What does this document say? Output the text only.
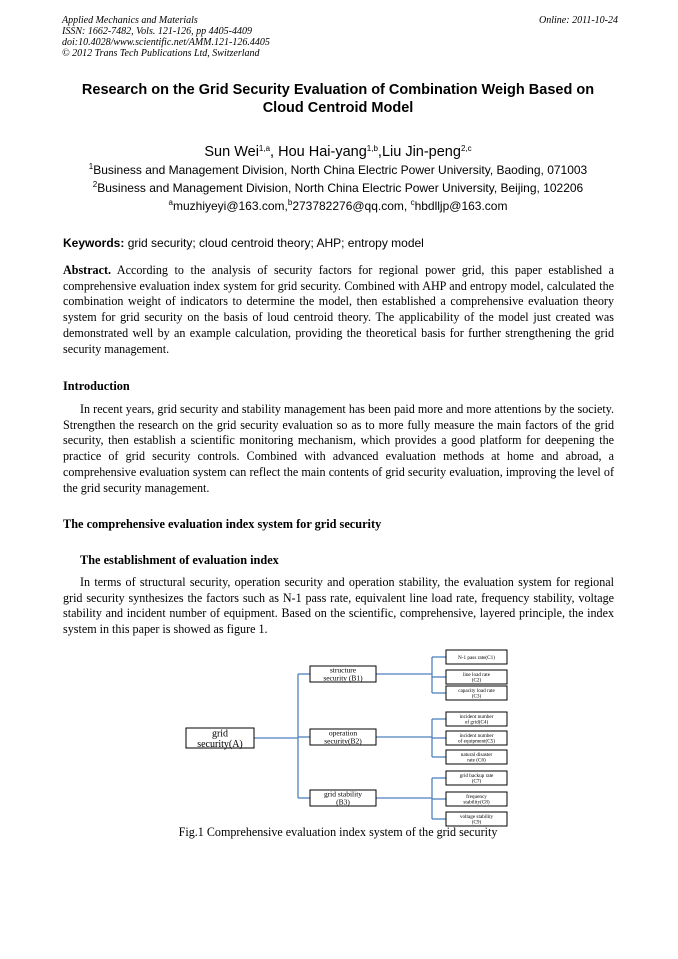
Applied Mechanics and Materials	Online: 2011-10-24
ISSN: 1662-7482, Vols. 121-126, pp 4405-4409
doi:10.4028/www.scientific.net/AMM.121-126.4405
© 2012 Trans Tech Publications Ltd, Switzerland
Research on the Grid Security Evaluation of Combination Weigh Based on Cloud Centroid Model
Sun Wei$^{1,a}$, Hou Hai-yang$^{1,b}$,Liu Jin-peng$^{2,c}$
$^1$Business and Management Division, North China Electric Power University, Baoding, 071003
$^2$Business and Management Division, North China Electric Power University, Beijing, 102206
$^a$muzhiyeyi@163.com,$^b$273782276@qq.com, $^c$hbdlljp@163.com
Keywords: grid security; cloud centroid theory; AHP; entropy model
Abstract. According to the analysis of security factors for regional power grid, this paper established a comprehensive evaluation index system for grid security. Combined with AHP and entropy model, calculated the combination weight of indicators to determine the model, then established a comprehensive evaluation theory system for grid security on the basis of loud centroid theory. The applicability of the model just created was demonstrated well by an example calculation, providing the theoretical basis for further strengthening the grid security management.
Introduction
In recent years, grid security and stability management has been paid more and more attentions by the society. Strengthen the research on the grid security evaluation so as to more fully measure the main factors of the grid security, then establish a scientific monitoring mechanism, which provides a good platform for deepening the practice of grid security controls. Combined with advanced evaluation methods at home and abroad, a comprehensive evaluation system can reflect the main contents of grid security evaluation, improving the level of the grid security management.
The comprehensive evaluation index system for grid security
The establishment of evaluation index
In terms of structural security, operation security and operation stability, the evaluation system for regional grid security synthesizes the factors such as N-1 pass rate, equivalent line load rate, frequency stability, voltage stability and incident number of equipment. Based on the scientific, comprehensive, layered principle, the index system in this paper is showed as figure 1.
grid
security(A)
structure
security (B1)
N-1 pass rate(C1)
line load rate
(C2)
capacity load rate
(C3)
operation
security(B2)
incident number
of grid(C4)
incident number
of equipment(C5)
natural disaster
rate (C6)
grid stability
(B3)
grid backup rate
(C7)
frequency
stability(C8)
voltage stability
(C9)
Fig.1 Comprehensive evaluation index system of the grid security
